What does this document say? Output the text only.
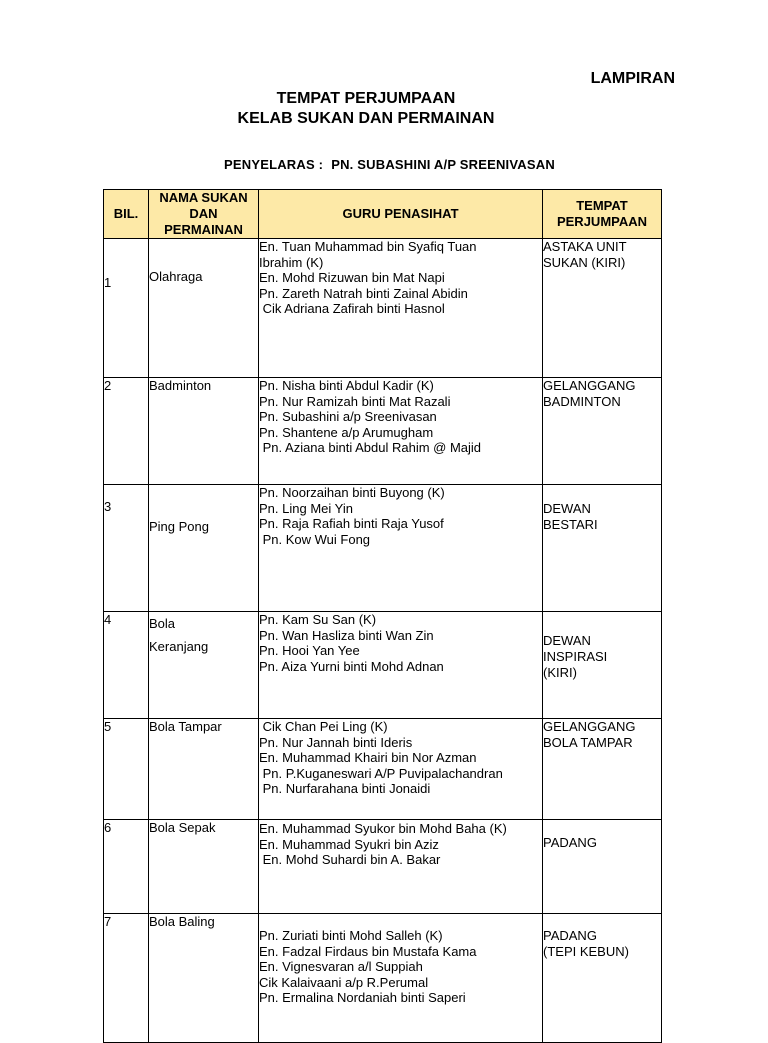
LAMPIRAN
TEMPAT PERJUMPAAN
KELAB SUKAN DAN PERMAINAN
PENYELARAS : PN. SUBASHINI A/P SREENIVASAN
BIL.	NAMA SUKAN DAN PERMAINAN	GURU PENASIHAT	TEMPAT PERJUMPAAN
1	Olahraga	En. Tuan Muhammad bin Syafiq Tuan
Ibrahim (K)
En. Mohd Rizuwan bin Mat Napi
Pn. Zareth Natrah binti Zainal Abidin
Cik Adriana Zafirah binti Hasnol	ASTAKA UNIT
SUKAN (KIRI)

2	Badminton	Pn. Nisha binti Abdul Kadir (K)
Pn. Nur Ramizah binti Mat Razali
Pn. Subashini a/p Sreenivasan
Pn. Shantene a/p Arumugham
Pn. Aziana binti Abdul Rahim @ Majid	GELANGGANG
BADMINTON

3	Ping Pong	Pn. Noorzaihan binti Buyong (K)
Pn. Ling Mei Yin
Pn. Raja Rafiah binti Raja Yusof
Pn. Kow Wui Fong	DEWAN
BESTARI

4	Bola
Keranjang	Pn. Kam Su San (K)
Pn. Wan Hasliza binti Wan Zin
Pn. Hooi Yan Yee
Pn. Aiza Yurni binti Mohd Adnan	DEWAN
INSPIRASI
(KIRI)

5	Bola Tampar	Cik Chan Pei Ling (K)
Pn. Nur Jannah binti Ideris
En. Muhammad Khairi bin Nor Azman
Pn. P.Kuganeswari A/P Puvipalachandran
Pn. Nurfarahana binti Jonaidi	GELANGGANG
BOLA TAMPAR

6	Bola Sepak	En. Muhammad Syukor bin Mohd Baha (K)
En. Muhammad Syukri bin Aziz
En. Mohd Suhardi bin A. Bakar	PADANG

7	Bola Baling	Pn. Zuriati binti Mohd Salleh (K)
En. Fadzal Firdaus bin Mustafa Kama
En. Vignesvaran a/l Suppiah
Cik Kalaivaani a/p R.Perumal
Pn. Ermalina Nordaniah binti Saperi	PADANG
(TEPI KEBUN)
